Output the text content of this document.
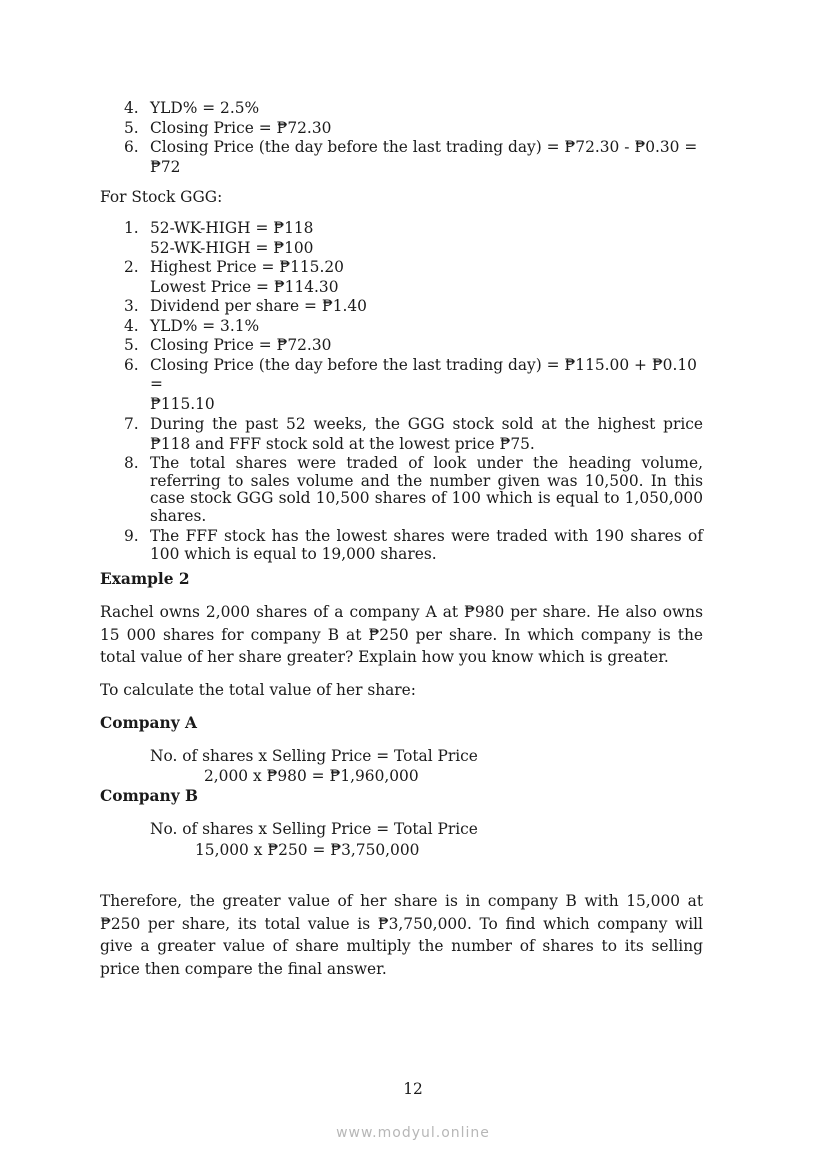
4. YLD% = 2.5%
5. Closing Price = ₱72.30
6. Closing Price (the day before the last trading day) = ₱72.30 - ₱0.30 = ₱72

For Stock GGG:

1. 52-WK-HIGH = ₱118
52-WK-HIGH = ₱100
2. Highest Price = ₱115.20
Lowest Price = ₱114.30
3. Dividend per share = ₱1.40
4. YLD% = 3.1%
5. Closing Price = ₱72.30
6. Closing Price (the day before the last trading day) = ₱115.00 + ₱0.10 =
₱115.10
7. During the past 52 weeks, the GGG stock sold at the highest price ₱118 and FFF stock sold at the lowest price ₱75.
8. The total shares were traded of look under the heading volume, referring to sales volume and the number given was 10,500. In this case stock GGG sold 10,500 shares of 100 which is equal to 1,050,000 shares.
9. The FFF stock has the lowest shares were traded with 190 shares of 100 which is equal to 19,000 shares.

Example 2

Rachel owns 2,000 shares of a company A at ₱980 per share. He also owns 15 000 shares for company B at ₱250 per share. In which company is the total value of her share greater? Explain how you know which is greater.

To calculate the total value of her share:

Company A

No. of shares x Selling Price = Total Price

2,000 x ₱980 = ₱1,960,000

Company B

No. of shares x Selling Price = Total Price

15,000 x ₱250 = ₱3,750,000

Therefore, the greater value of her share is in company B with 15,000 at ₱250 per share, its total value is ₱3,750,000. To find which company will give a greater value of share multiply the number of shares to its selling price then compare the final answer.

12
www.modyul.online
